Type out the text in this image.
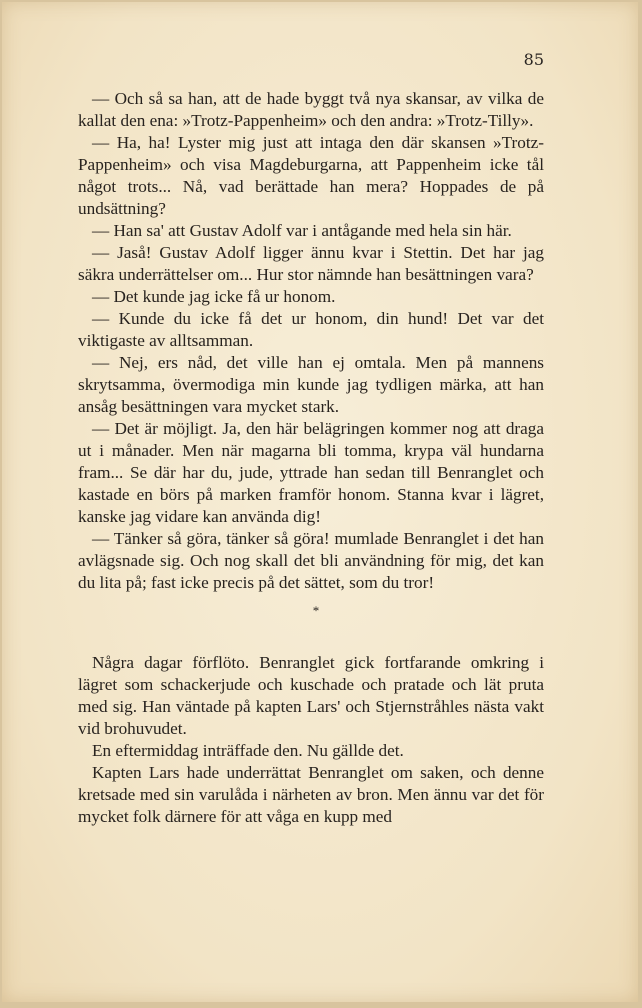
85

— Och så sa han, att de hade byggt två nya skansar, av vilka de kallat den ena: »Trotz-Pappenheim» och den andra: »Trotz-Tilly».

— Ha, ha! Lyster mig just att intaga den där skansen »Trotz-Pappenheim» och visa Magdeburgarna, att Pappenheim icke tål något trots... Nå, vad berättade han mera? Hoppades de på undsättning?

— Han sa' att Gustav Adolf var i antågande med hela sin här.

— Jaså! Gustav Adolf ligger ännu kvar i Stettin. Det har jag säkra underrättelser om... Hur stor nämnde han besättningen vara?

— Det kunde jag icke få ur honom.

— Kunde du icke få det ur honom, din hund! Det var det viktigaste av alltsamman.

— Nej, ers nåd, det ville han ej omtala. Men på mannens skrytsamma, övermodiga min kunde jag tydligen märka, att han ansåg besättningen vara mycket stark.

— Det är möjligt. Ja, den här belägringen kommer nog att draga ut i månader. Men när magarna bli tomma, krypa väl hundarna fram... Se där har du, jude, yttrade han sedan till Benranglet och kastade en börs på marken framför honom. Stanna kvar i lägret, kanske jag vidare kan använda dig!

— Tänker så göra, tänker så göra! mumlade Benranglet i det han avlägsnade sig. Och nog skall det bli användning för mig, det kan du lita på; fast icke precis på det sättet, som du tror!

*

Några dagar förflöto. Benranglet gick fortfarande omkring i lägret som schackerjude och kuschade och pratade och lät pruta med sig. Han väntade på kapten Lars' och Stjernstråhles nästa vakt vid brohuvudet.

En eftermiddag inträffade den. Nu gällde det.

Kapten Lars hade underrättat Benranglet om saken, och denne kretsade med sin varulåda i närheten av bron. Men ännu var det för mycket folk därnere för att våga en kupp med
